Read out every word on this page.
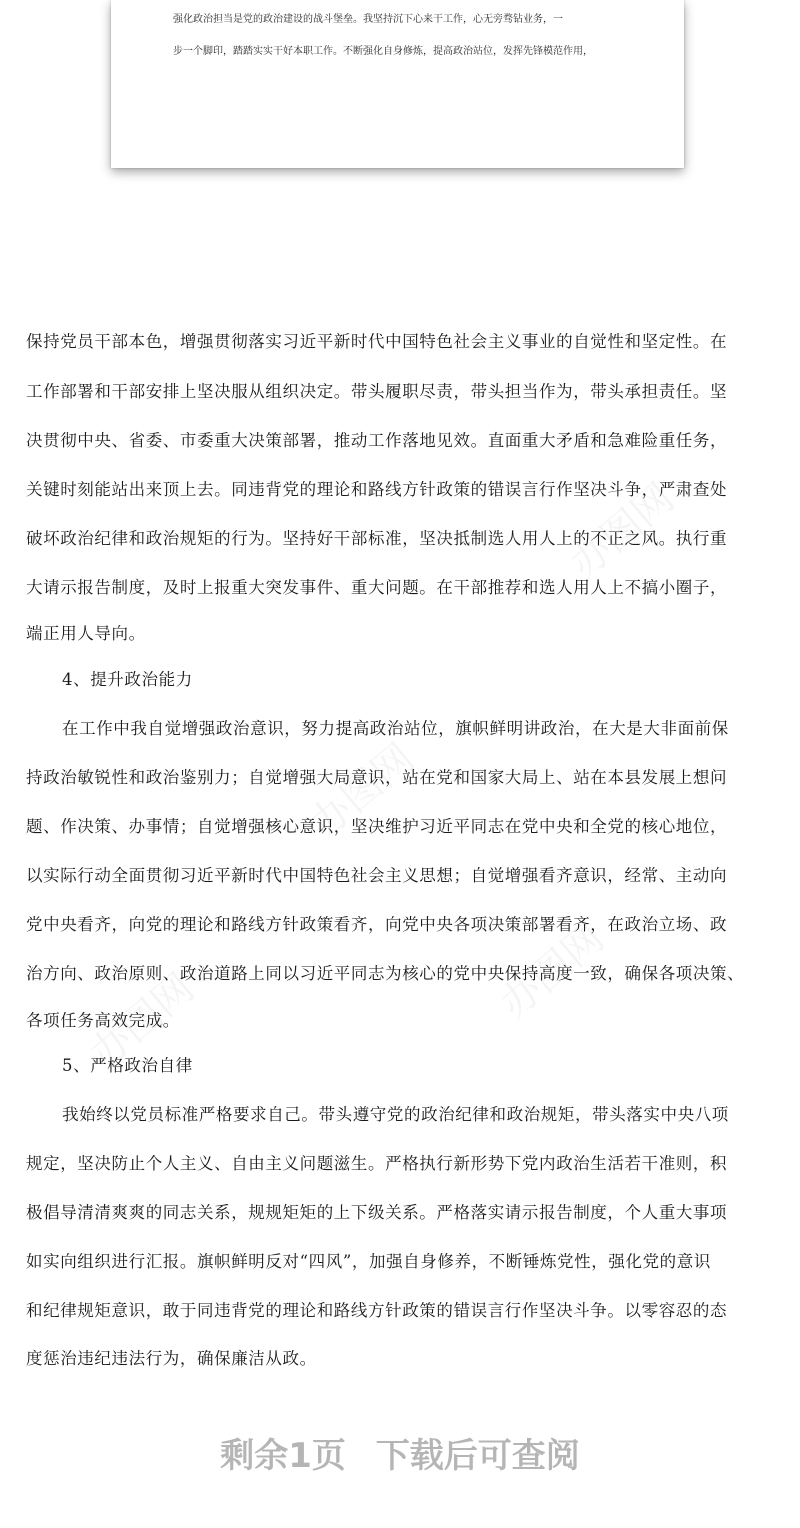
强化政治担当是党的政治建设的战斗堡垒。我坚持沉下心来干工作，心无旁骛钻业务，一
步一个脚印，踏踏实实干好本职工作。不断强化自身修炼，提高政治站位，发挥先锋模范作用，
保持党员干部本色，增强贯彻落实习近平新时代中国特色社会主义事业的自觉性和坚定性。在
工作部署和干部安排上坚决服从组织决定。带头履职尽责，带头担当作为，带头承担责任。坚
决贯彻中央、省委、市委重大决策部署，推动工作落地见效。直面重大矛盾和急难险重任务，
关键时刻能站出来顶上去。同违背党的理论和路线方针政策的错误言行作坚决斗争，严肃查处
破坏政治纪律和政治规矩的行为。坚持好干部标准，坚决抵制选人用人上的不正之风。执行重
大请示报告制度，及时上报重大突发事件、重大问题。在干部推荐和选人用人上不搞小圈子，
端正用人导向。
4、提升政治能力
在工作中我自觉增强政治意识，努力提高政治站位，旗帜鲜明讲政治，在大是大非面前保
持政治敏锐性和政治鉴别力；自觉增强大局意识，站在党和国家大局上、站在本县发展上想问
题、作决策、办事情；自觉增强核心意识，坚决维护习近平同志在党中央和全党的核心地位，
以实际行动全面贯彻习近平新时代中国特色社会主义思想；自觉增强看齐意识，经常、主动向
党中央看齐，向党的理论和路线方针政策看齐，向党中央各项决策部署看齐，在政治立场、政
治方向、政治原则、政治道路上同以习近平同志为核心的党中央保持高度一致，确保各项决策、
各项任务高效完成。
5、严格政治自律
我始终以党员标准严格要求自己。带头遵守党的政治纪律和政治规矩，带头落实中央八项
规定，坚决防止个人主义、自由主义问题滋生。严格执行新形势下党内政治生活若干准则，积
极倡导清清爽爽的同志关系，规规矩矩的上下级关系。严格落实请示报告制度，个人重大事项
如实向组织进行汇报。旗帜鲜明反对“四风”，加强自身修养，不断锤炼党性，强化党的意识
和纪律规矩意识，敢于同违背党的理论和路线方针政策的错误言行作坚决斗争。以零容忍的态
度惩治违纪违法行为，确保廉洁从政。
剩余1页 下载后可查阅
